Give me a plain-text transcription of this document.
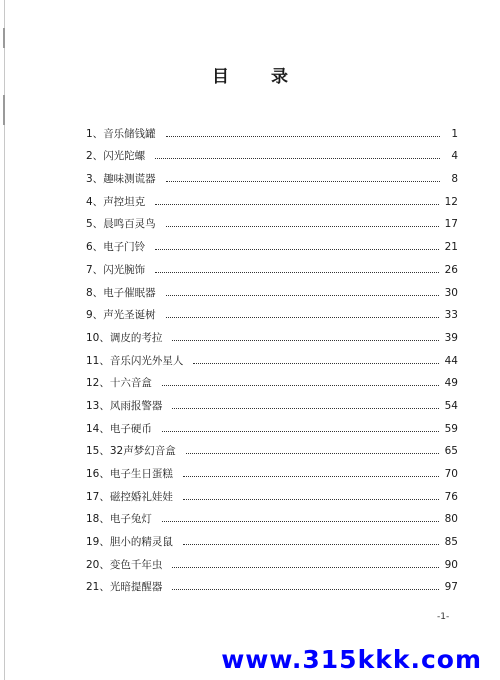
目 录
1、 音乐储钱罐	1
2、 闪光陀螺	4
3、 趣味测谎器	8
4、 声控坦克	12
5、 晨鸣百灵鸟	17
6、 电子门铃	21
7、 闪光腕饰	26
8、 电子催眠器	30
9、 声光圣诞树	33
10、 调皮的考拉	39
11、 音乐闪光外星人	44
12、 十六音盒	49
13、 风雨报警器	54
14、 电子硬币	59
15、 32声梦幻音盒	65
16、 电子生日蛋糕	70
17、 磁控婚礼娃娃	76
18、 电子兔灯	80
19、 胆小的精灵鼠	85
20、 变色千年虫	90
21、 光暗提醒器	97
-1-
www.315kkk.com
